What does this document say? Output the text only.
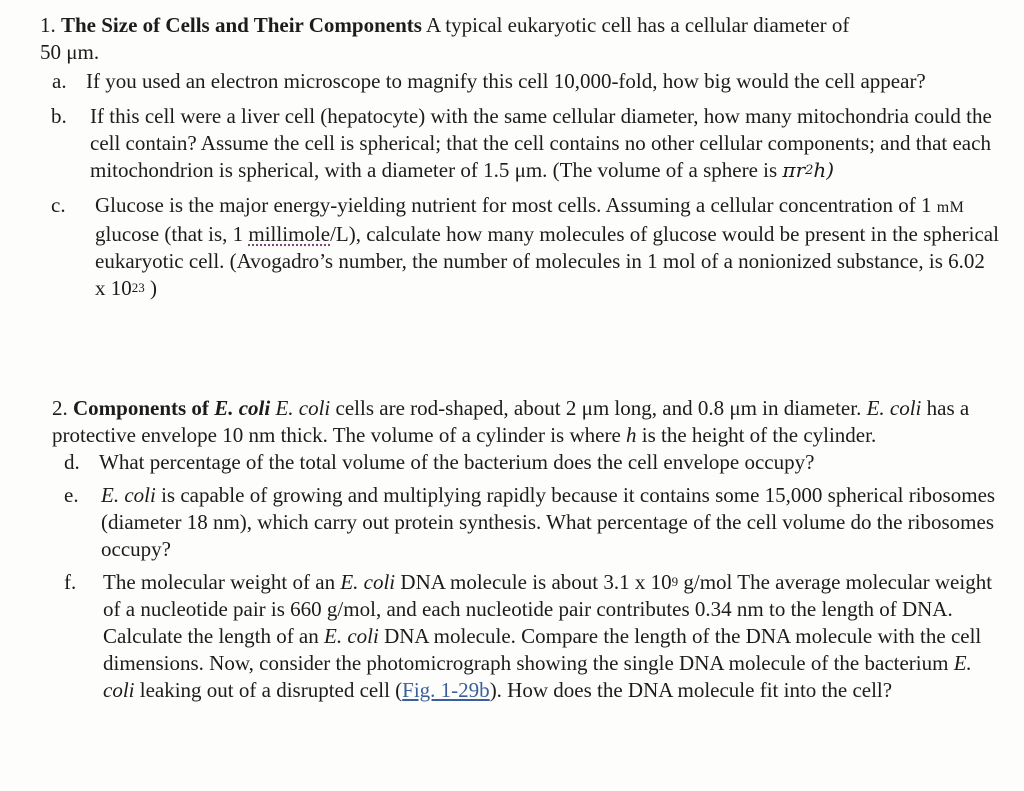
1. The Size of Cells and Their Components A typical eukaryotic cell has a cellular diameter of
50 μm.
a. If you used an electron microscope to magnify this cell 10,000-fold, how big would the cell appear?
b. If this cell were a liver cell (hepatocyte) with the same cellular diameter, how many mitochondria could the cell contain? Assume the cell is spherical; that the cell contains no other cellular components; and that each mitochondrion is spherical, with a diameter of 1.5 μm. (The volume of a sphere is $\pi r^2h$)
c. Glucose is the major energy-yielding nutrient for most cells. Assuming a cellular concentration of 1 mM glucose (that is, 1 millimole/L), calculate how many molecules of glucose would be present in the spherical eukaryotic cell. (Avogadro’s number, the number of molecules in 1 mol of a nonionized substance, is 6.02 x $10^{23}$ )
2. Components of E. coli E. coli cells are rod-shaped, about 2 μm long, and 0.8 μm in diameter. E. coli has a protective envelope 10 nm thick. The volume of a cylinder is where h is the height of the cylinder.
d. What percentage of the total volume of the bacterium does the cell envelope occupy?
e. E. coli is capable of growing and multiplying rapidly because it contains some 15,000 spherical ribosomes (diameter 18 nm), which carry out protein synthesis. What percentage of the cell volume do the ribosomes occupy?
f. The molecular weight of an E. coli DNA molecule is about 3.1 x $10^9$ g/mol The average molecular weight of a nucleotide pair is 660 g/mol, and each nucleotide pair contributes 0.34 nm to the length of DNA. Calculate the length of an E. coli DNA molecule. Compare the length of the DNA molecule with the cell dimensions. Now, consider the photomicrograph showing the single DNA molecule of the bacterium E. coli leaking out of a disrupted cell (Fig. 1-29b). How does the DNA molecule fit into the cell?
